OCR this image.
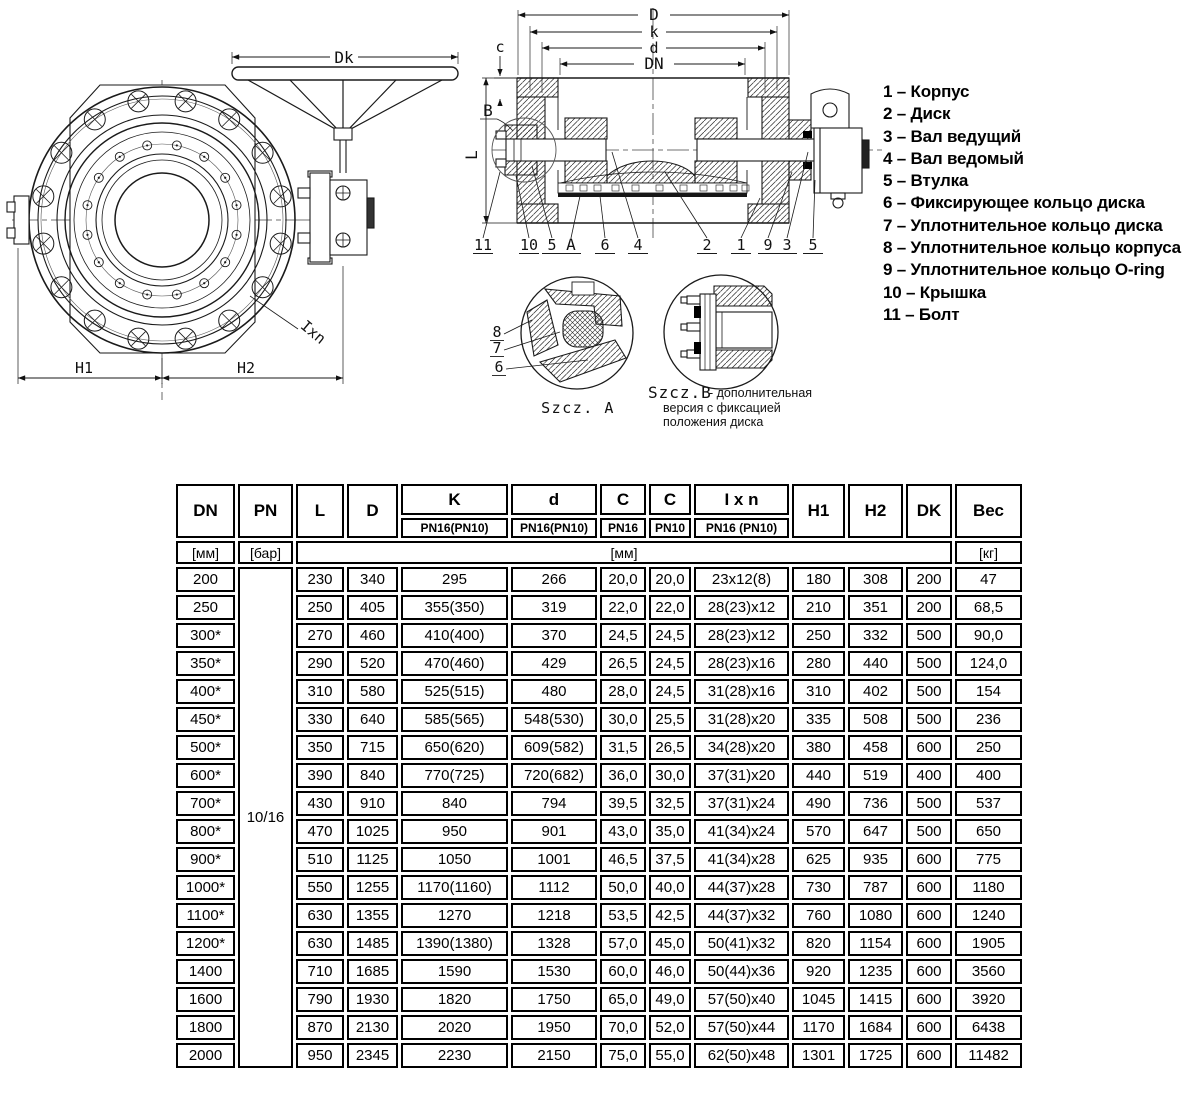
Dk
H1	H2
Ixn
D
k
d
DN
c
B
L
11 10 5 A 6 4	2 1 9 3 5
8
7
6
Szcz. A
Szcz.B
- дополнительная
версия с фиксацией
положения диска
1 – Корпус
2 – Диск
3 – Вал ведущий
4 – Вал ведомый
5 – Втулка
6 – Фиксирующее кольцо диска
7 – Уплотнительное кольцо диска
8 – Уплотнительное кольцо корпуса
9 – Уплотнительное кольцо O-ring
10 – Крышка
11 – Болт
DN	PN	L	D	K	d	C	C	I x n	H1	H2	DK	Вес
				PN16(PN10)	PN16(PN10)	PN16	PN10	PN16 (PN10)				
[мм]	[бар]	[мм]										[кг]
200	10/16	230	340	295	266	20,0	20,0	23x12(8)	180	308	200	47
250		250	405	355(350)	319	22,0	22,0	28(23)x12	210	351	200	68,5
300*		270	460	410(400)	370	24,5	24,5	28(23)x12	250	332	500	90,0
350*		290	520	470(460)	429	26,5	24,5	28(23)x16	280	440	500	124,0
400*		310	580	525(515)	480	28,0	24,5	31(28)x16	310	402	500	154
450*		330	640	585(565)	548(530)	30,0	25,5	31(28)x20	335	508	500	236
500*		350	715	650(620)	609(582)	31,5	26,5	34(28)x20	380	458	600	250
600*		390	840	770(725)	720(682)	36,0	30,0	37(31)x20	440	519	400	400
700*		430	910	840	794	39,5	32,5	37(31)x24	490	736	500	537
800*		470	1025	950	901	43,0	35,0	41(34)x24	570	647	500	650
900*		510	1125	1050	1001	46,5	37,5	41(34)x28	625	935	600	775
1000*		550	1255	1170(1160)	1112	50,0	40,0	44(37)x28	730	787	600	1180
1100*		630	1355	1270	1218	53,5	42,5	44(37)x32	760	1080	600	1240
1200*		630	1485	1390(1380)	1328	57,0	45,0	50(41)x32	820	1154	600	1905
1400		710	1685	1590	1530	60,0	46,0	50(44)x36	920	1235	600	3560
1600		790	1930	1820	1750	65,0	49,0	57(50)x40	1045	1415	600	3920
1800		870	2130	2020	1950	70,0	52,0	57(50)x44	1170	1684	600	6438
2000		950	2345	2230	2150	75,0	55,0	62(50)x48	1301	1725	600	11482
